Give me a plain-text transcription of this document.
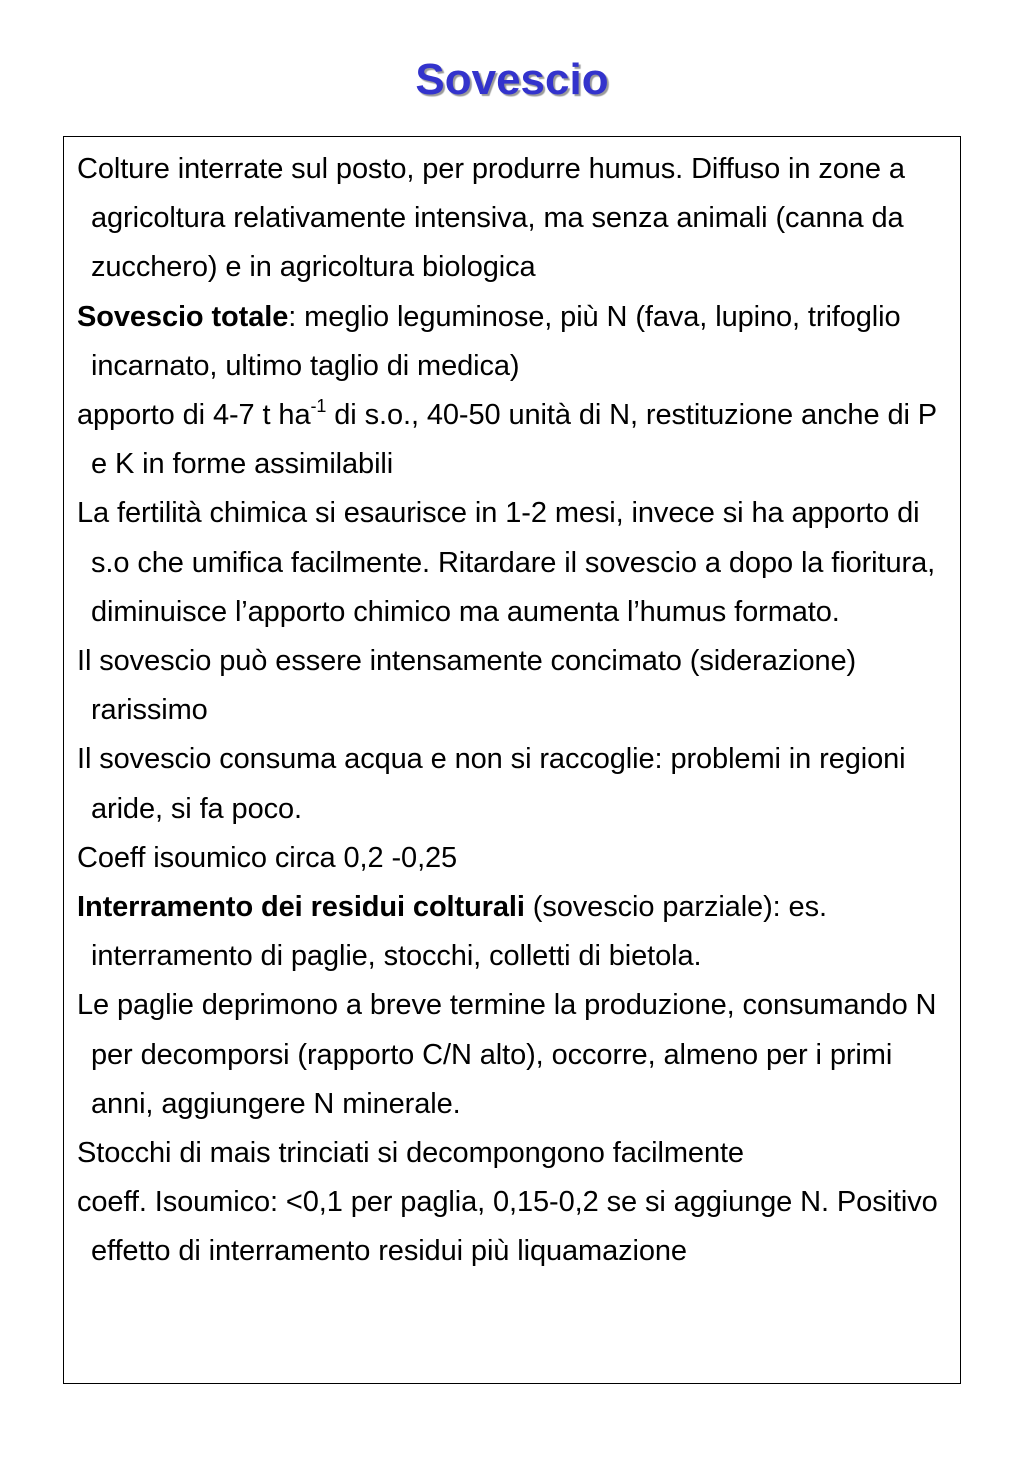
Sovescio

Colture interrate sul posto, per produrre humus. Diffuso in zone a agricoltura relativamente intensiva, ma senza animali (canna da zucchero) e in agricoltura biologica

Sovescio totale: meglio leguminose, più N (fava, lupino, trifoglio incarnato, ultimo taglio di medica)

apporto di 4-7 t $ha^{-1}$ di s.o., 40-50 unità di N, restituzione anche di P e K in forme assimilabili

La fertilità chimica si esaurisce in 1-2 mesi, invece si ha apporto di s.o che umifica facilmente. Ritardare il sovescio a dopo la fioritura, diminuisce l’apporto chimico ma aumenta l’humus formato.

Il sovescio può essere intensamente concimato (siderazione) rarissimo

Il sovescio consuma acqua e non si raccoglie: problemi in regioni aride, si fa poco.

Coeff isoumico circa 0,2 -0,25

Interramento dei residui colturali (sovescio parziale): es. interramento di paglie, stocchi, colletti di bietola.

Le paglie deprimono a breve termine la produzione, consumando N per decomporsi (rapporto C/N alto), occorre, almeno per i primi anni, aggiungere N minerale.

Stocchi di mais trinciati si decompongono facilmente

coeff. Isoumico: <0,1 per paglia, 0,15-0,2 se si aggiunge N. Positivo effetto di interramento residui più liquamazione
